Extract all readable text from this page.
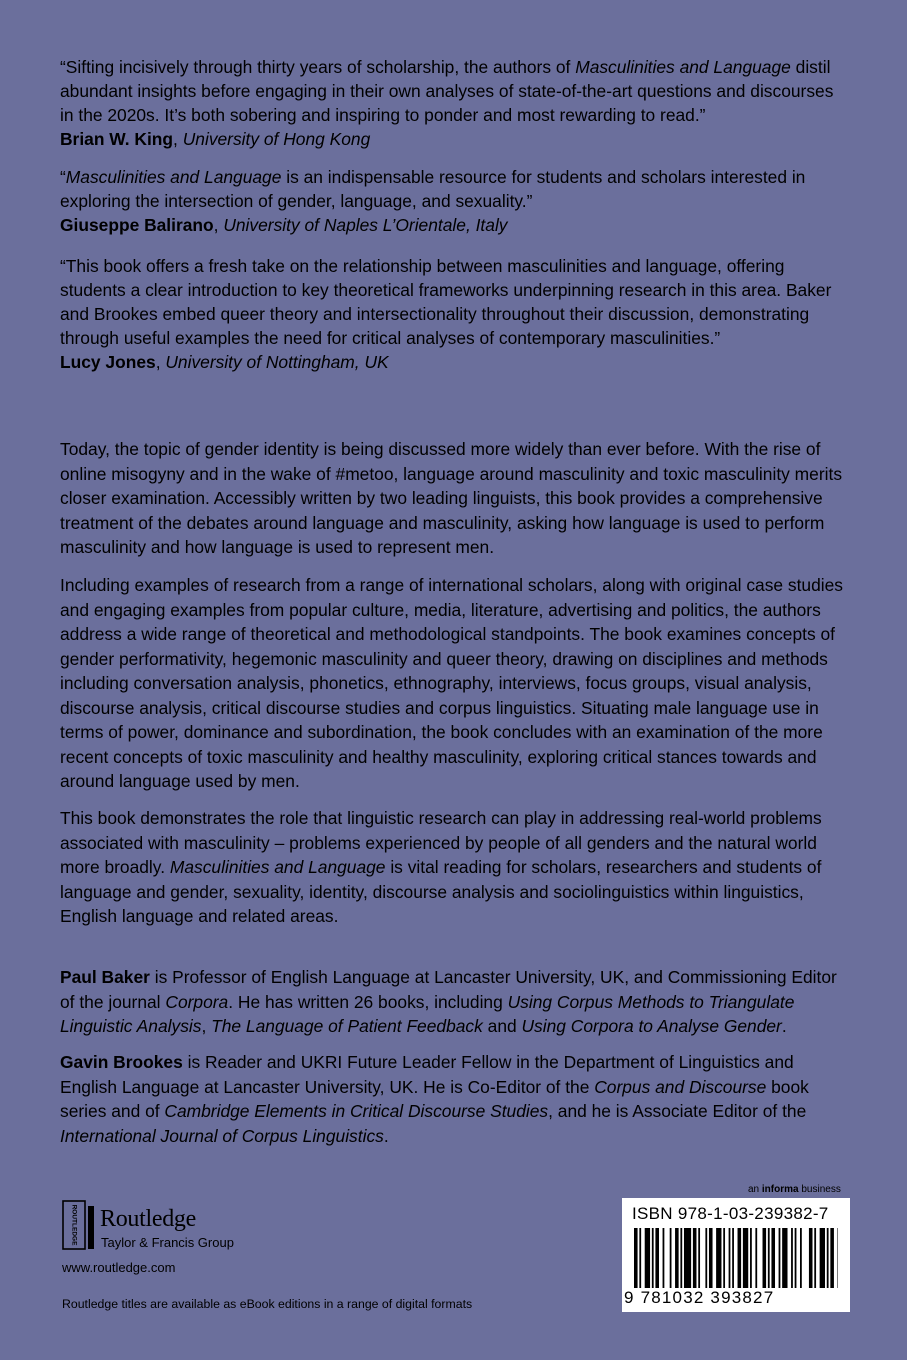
“Sifting incisively through thirty years of scholarship, the authors of Masculinities and Language distil abundant insights before engaging in their own analyses of state-of-the-art questions and discourses in the 2020s. It’s both sobering and inspiring to ponder and most rewarding to read.”

Brian W. King, University of Hong Kong

“Masculinities and Language is an indispensable resource for students and scholars interested in exploring the intersection of gender, language, and sexuality.”

Giuseppe Balirano, University of Naples L’Orientale, Italy

“This book offers a fresh take on the relationship between masculinities and language, offering students a clear introduction to key theoretical frameworks underpinning research in this area. Baker and Brookes embed queer theory and intersectionality throughout their discussion, demonstrating through useful examples the need for critical analyses of contemporary masculinities.”

Lucy Jones, University of Nottingham, UK

Today, the topic of gender identity is being discussed more widely than ever before. With the rise of online misogyny and in the wake of #metoo, language around masculinity and toxic masculinity merits closer examination. Accessibly written by two leading linguists, this book provides a comprehensive treatment of the debates around language and masculinity, asking how language is used to perform masculinity and how language is used to represent men.

Including examples of research from a range of international scholars, along with original case studies and engaging examples from popular culture, media, literature, advertising and politics, the authors address a wide range of theoretical and methodological standpoints. The book examines concepts of gender performativity, hegemonic masculinity and queer theory, drawing on disciplines and methods including conversation analysis, phonetics, ethnography, interviews, focus groups, visual analysis, discourse analysis, critical discourse studies and corpus linguistics. Situating male language use in terms of power, dominance and subordination, the book concludes with an examination of the more recent concepts of toxic masculinity and healthy masculinity, exploring critical stances towards and around language used by men.

This book demonstrates the role that linguistic research can play in addressing real-world problems associated with masculinity – problems experienced by people of all genders and the natural world more broadly. Masculinities and Language is vital reading for scholars, researchers and students of language and gender, sexuality, identity, discourse analysis and sociolinguistics within linguistics, English language and related areas.

Paul Baker is Professor of English Language at Lancaster University, UK, and Commissioning Editor of the journal Corpora. He has written 26 books, including Using Corpus Methods to Triangulate Linguistic Analysis, The Language of Patient Feedback and Using Corpora to Analyse Gender.

Gavin Brookes is Reader and UKRI Future Leader Fellow in the Department of Linguistics and English Language at Lancaster University, UK. He is Co-Editor of the Corpus and Discourse book series and of Cambridge Elements in Critical Discourse Studies, and he is Associate Editor of the International Journal of Corpus Linguistics.

ROUTLEDGE Routledge
Taylor & Francis Group
www.routledge.com
Routledge titles are available as eBook editions in a range of digital formats
an informa business
ISBN 978-1-03-239382-7
9 781032 393827
